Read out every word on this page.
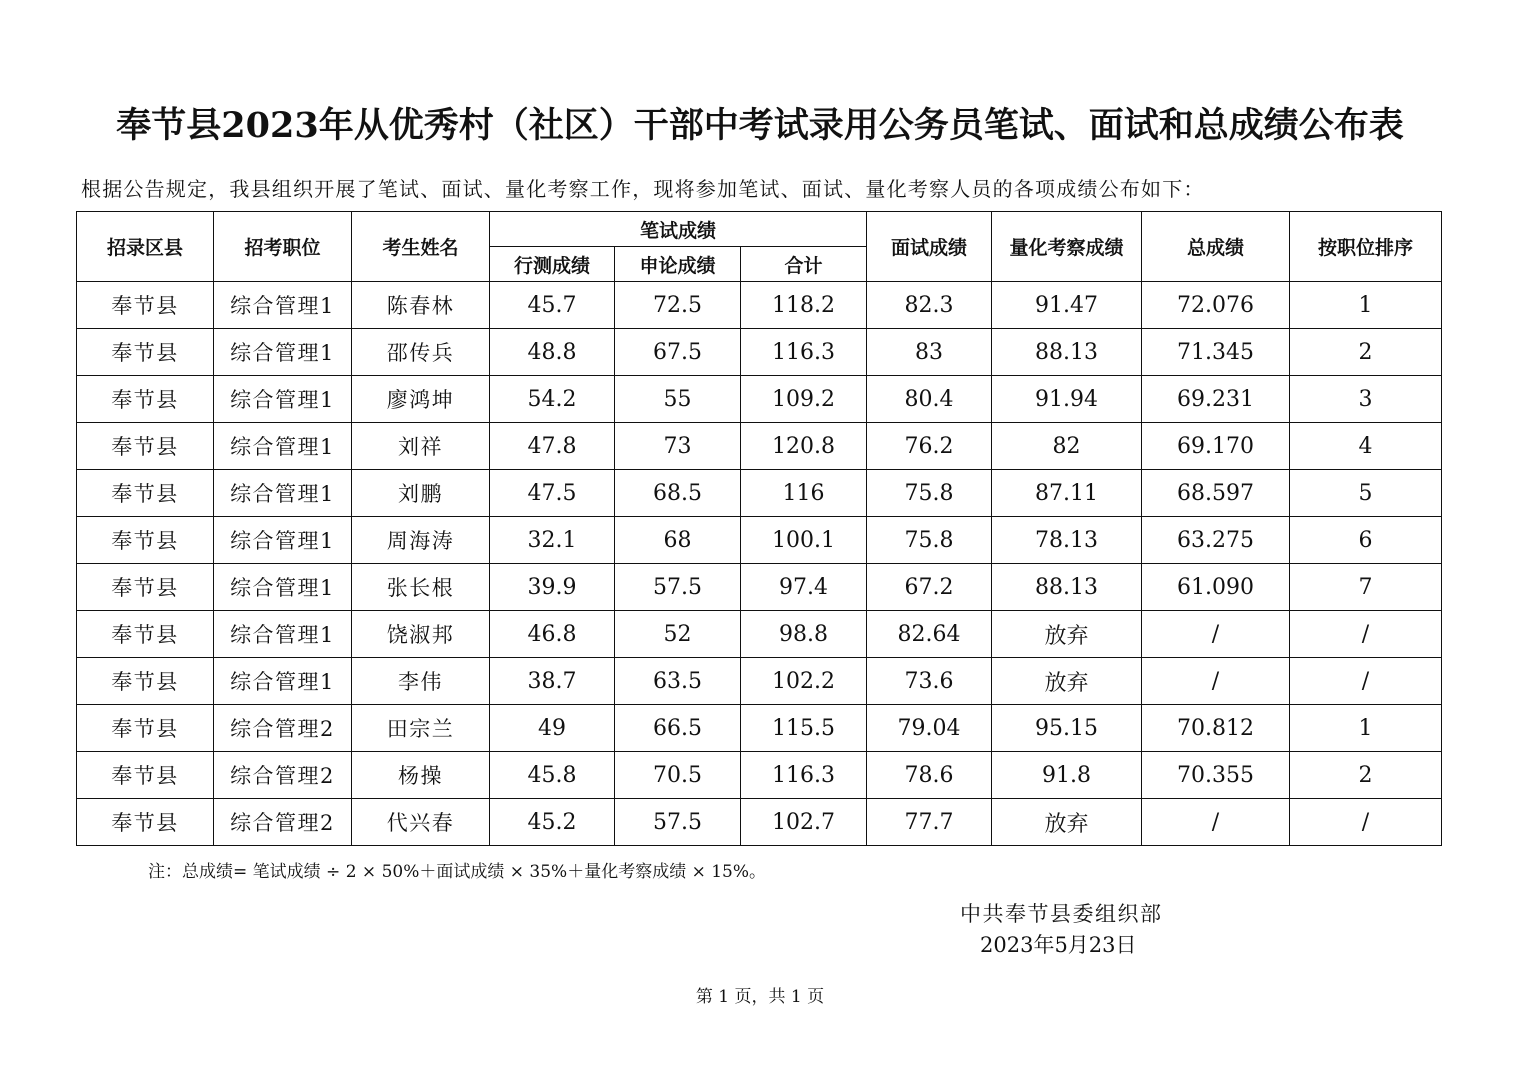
奉节县2023年从优秀村（社区）干部中考试录用公务员笔试、面试和总成绩公布表
根据公告规定，我县组织开展了笔试、面试、量化考察工作，现将参加笔试、面试、量化考察人员的各项成绩公布如下：
招录区县	招考职位	考生姓名	笔试成绩			面试成绩	量化考察成绩	总成绩	按职位排序
			行测成绩	申论成绩	合计				
奉节县	综合管理1	陈春林	45.7	72.5	118.2	82.3	91.47	72.076	1
奉节县	综合管理1	邵传兵	48.8	67.5	116.3	83	88.13	71.345	2
奉节县	综合管理1	廖鸿坤	54.2	55	109.2	80.4	91.94	69.231	3
奉节县	综合管理1	刘祥	47.8	73	120.8	76.2	82	69.170	4
奉节县	综合管理1	刘鹏	47.5	68.5	116	75.8	87.11	68.597	5
奉节县	综合管理1	周海涛	32.1	68	100.1	75.8	78.13	63.275	6
奉节县	综合管理1	张长根	39.9	57.5	97.4	67.2	88.13	61.090	7
奉节县	综合管理1	饶淑邦	46.8	52	98.8	82.64	放弃	/	/
奉节县	综合管理1	李伟	38.7	63.5	102.2	73.6	放弃	/	/
奉节县	综合管理2	田宗兰	49	66.5	115.5	79.04	95.15	70.812	1
奉节县	综合管理2	杨操	45.8	70.5	116.3	78.6	91.8	70.355	2
奉节县	综合管理2	代兴春	45.2	57.5	102.7	77.7	放弃	/	/
注：总成绩= 笔试成绩 ÷ 2 × 50%＋面试成绩 × 35%＋量化考察成绩 × 15%。
中共奉节县委组织部
2023年5月23日
第 1 页，共 1 页
